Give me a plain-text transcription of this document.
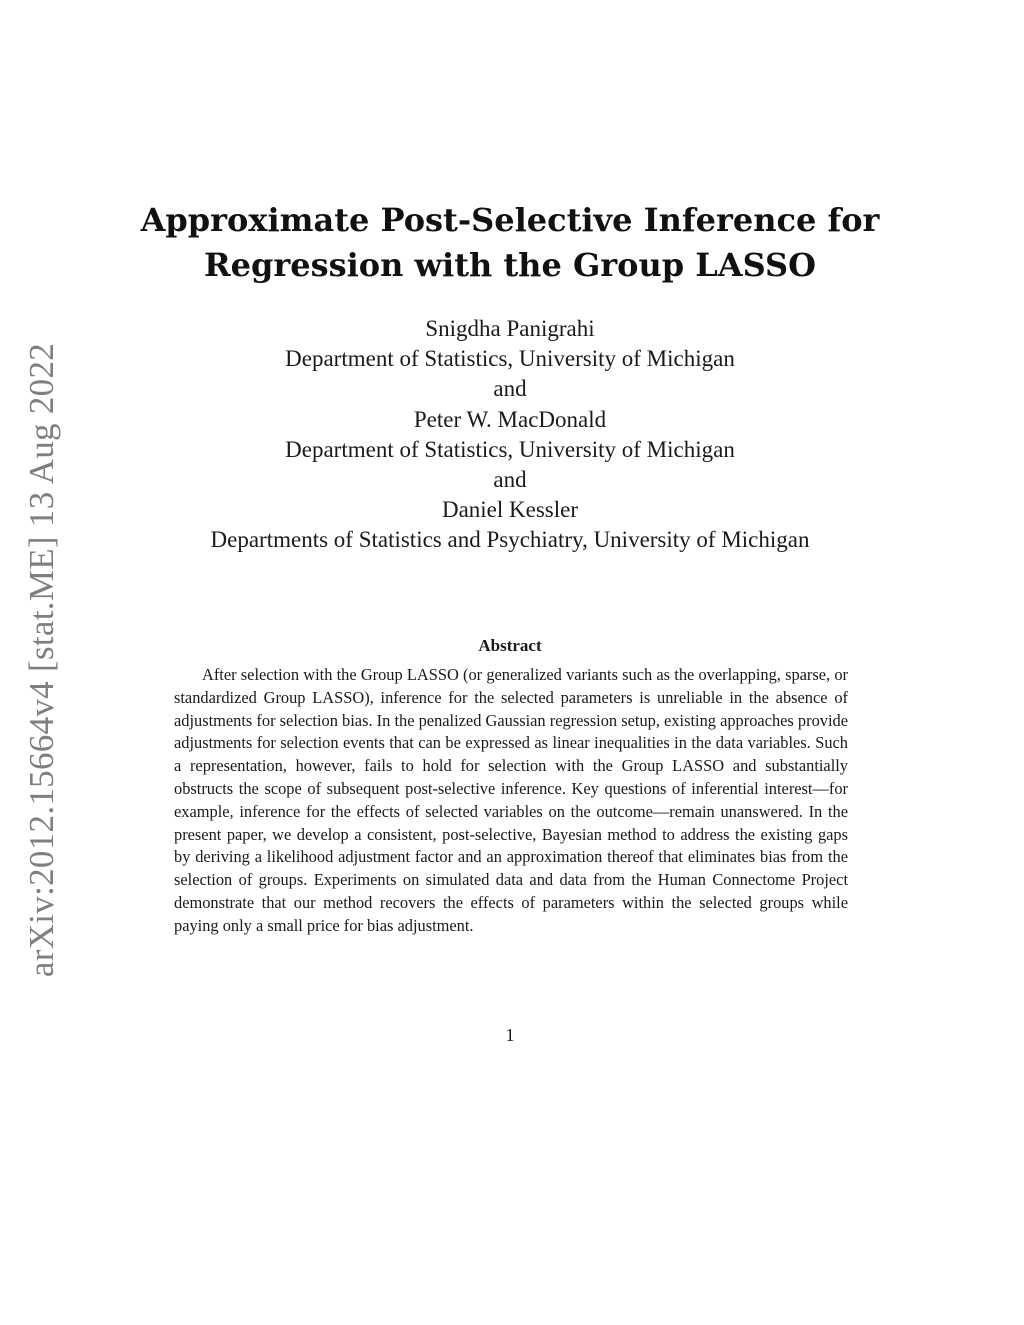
arXiv:2012.15664v4 [stat.ME] 13 Aug 2022
Approximate Post-Selective Inference for
Regression with the Group LASSO
Snigdha Panigrahi
Department of Statistics, University of Michigan
and
Peter W. MacDonald
Department of Statistics, University of Michigan
and
Daniel Kessler
Departments of Statistics and Psychiatry, University of Michigan
Abstract

After selection with the Group LASSO (or generalized variants such as the overlapping, sparse, or standardized Group LASSO), inference for the selected parameters is unreliable in the absence of adjustments for selection bias. In the penalized Gaussian regression setup, existing approaches provide adjustments for selection events that can be expressed as linear inequalities in the data variables. Such a representation, however, fails to hold for selection with the Group LASSO and substantially obstructs the scope of subsequent post-selective inference. Key questions of inferential interest—for example, inference for the effects of selected variables on the outcome—remain unanswered. In the present paper, we develop a consistent, post-selective, Bayesian method to address the existing gaps by deriving a likelihood adjustment factor and an approximation thereof that eliminates bias from the selection of groups. Experiments on simulated data and data from the Human Connectome Project demonstrate that our method recovers the effects of parameters within the selected groups while paying only a small price for bias adjustment.

1
